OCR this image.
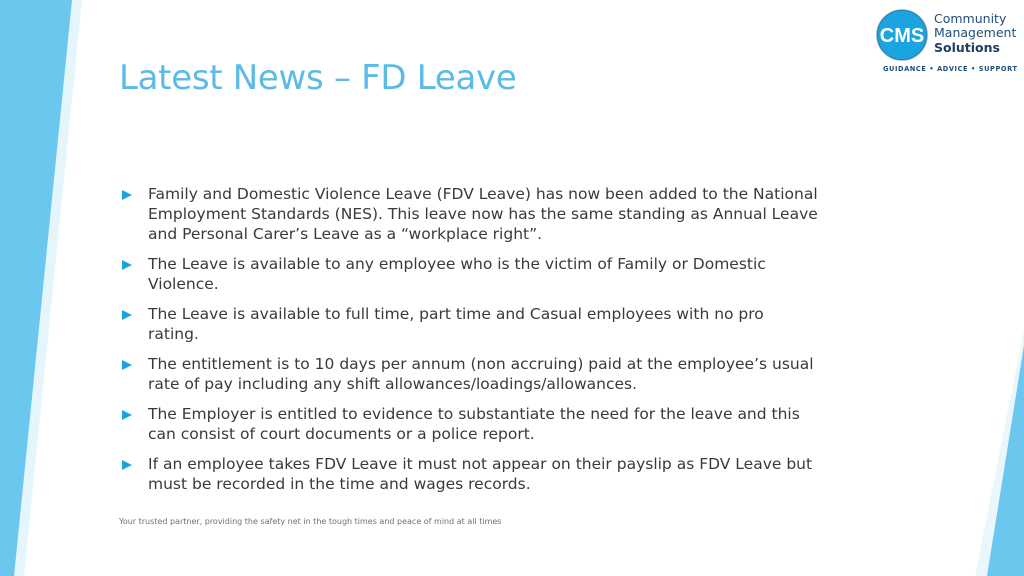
CMS
Community
Management
Solutions
GUIDANCE • ADVICE • SUPPORT
Latest News – FD Leave
Family and Domestic Violence Leave (FDV Leave) has now been added to the National Employment Standards (NES). This leave now has the same standing as Annual Leave and Personal Carer’s Leave as a “workplace right”.
The Leave is available to any employee who is the victim of Family or Domestic Violence.
The Leave is available to full time, part time and Casual employees with no pro rating.
The entitlement is to 10 days per annum (non accruing) paid at the employee’s usual rate of pay including any shift allowances/loadings/allowances.
The Employer is entitled to evidence to substantiate the need for the leave and this can consist of court documents or a police report.
If an employee takes FDV Leave it must not appear on their payslip as FDV Leave but must be recorded in the time and wages records.
Your trusted partner, providing the safety net in the tough times and peace of mind at all times
